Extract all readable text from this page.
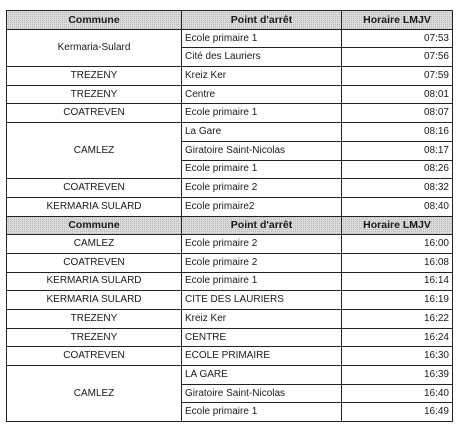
Commune	Point d'arrêt	Horaire LMJV
Kermaria-Sulard	Ecole primaire 1	07:53
	Cité des Lauriers	07:56
TREZENY	Kreiz Ker	07:59
TREZENY	Centre	08:01
COATREVEN	Ecole primaire 1	08:07
CAMLEZ	La Gare	08:16
	Giratoire Saint-Nicolas	08:17
	Ecole primaire 1	08:26
COATREVEN	Ecole primaire 2	08:32
KERMARIA SULARD	Ecole primaire2	08:40
Commune	Point d'arrêt	Horaire LMJV
CAMLEZ	Ecole primaire 2	16:00
COATREVEN	Ecole primaire 2	16:08
KERMARIA SULARD	Ecole primaire 1	16:14
KERMARIA SULARD	CITE DES LAURIERS	16:19
TREZENY	Kreiz Ker	16:22
TREZENY	CENTRE	16:24
COATREVEN	ECOLE PRIMAIRE	16:30
CAMLEZ	LA GARE	16:39
	Giratoire Saint-Nicolas	16:40
	Ecole primaire 1	16:49
